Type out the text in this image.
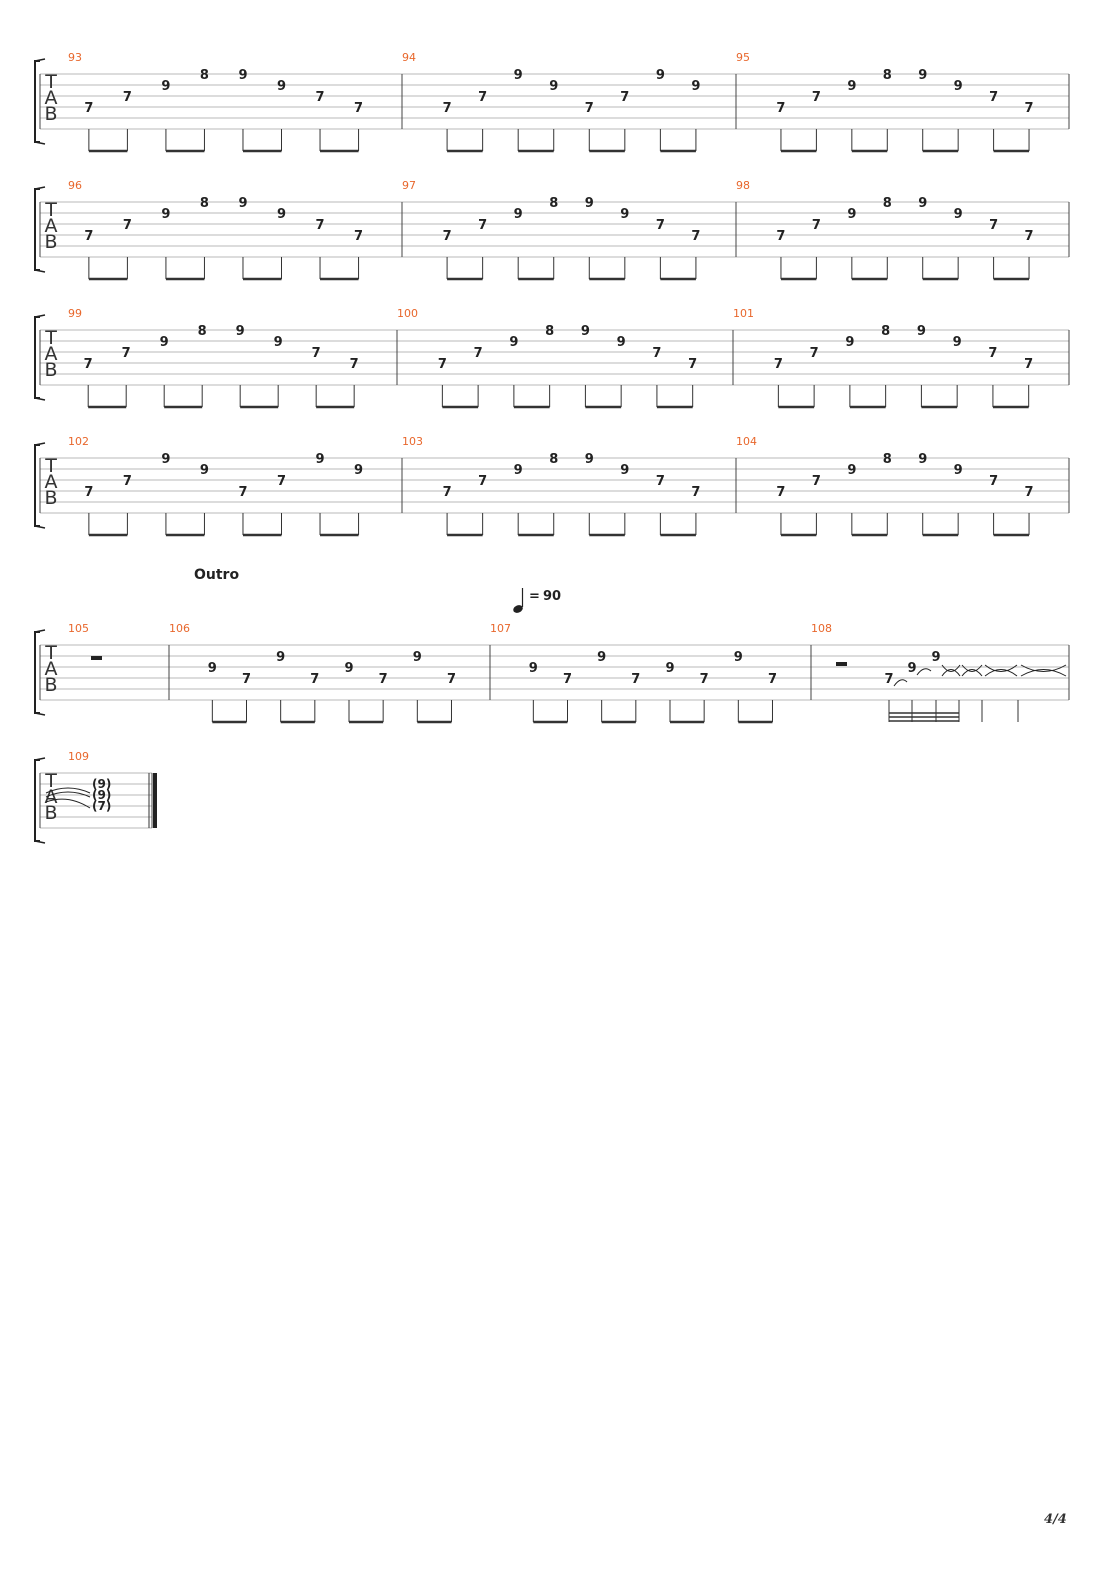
T
A
B
93
7
7
9
8 9
9
7
7
94
7
7
9
9
7
7
9
9
95
7
7
9
8 9
9
7
7
T
A
B
96
7
7
9
8 9
9
7
7
97
7
7
9
8 9
9
7
7
98
7
7
9
8 9
9
7
7
T
A
B
99
7
7
9
8 9
9
7
7
100
7
7
9
8 9
9
7
7
101
7
7
9
8 9
9
7
7
T
A
B
102
7
7
9
9
7
7
9
9
103
7
7
9
8 9
9
7
7
104
7
7
9
8 9
9
7
7
T
A
B
105	106
9
7
9
7
9
7
9
7
107
9
7
9
7
9
7
9
7
108
7
9
9
T
A
B
109
(9)
(9)
(7)
Outro
= 90
4/4
